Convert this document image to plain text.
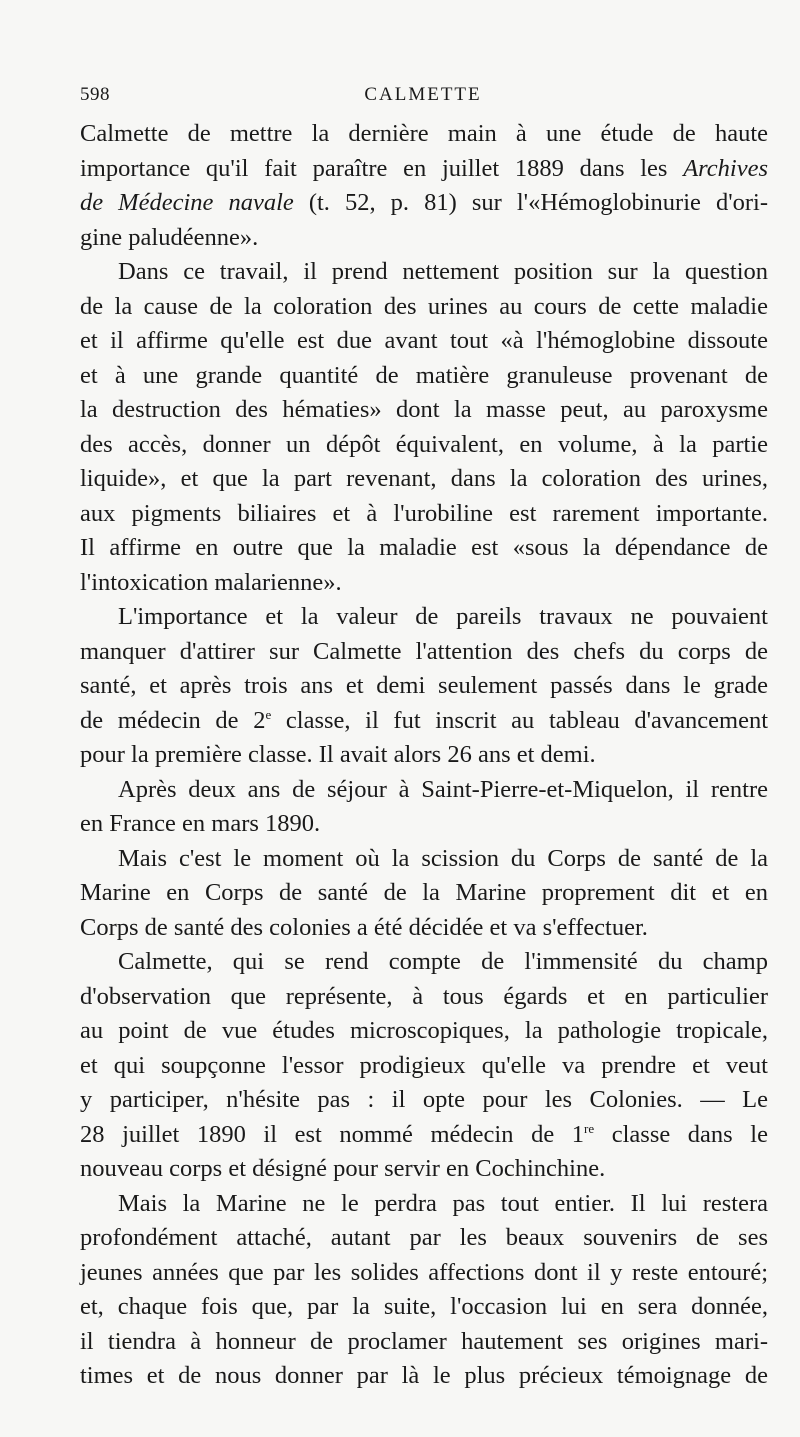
598	CALMETTE

Calmette de mettre la dernière main à une étude de haute
importance qu'il fait paraître en juillet 1889 dans les Archives
de Médecine navale (t. 52, p. 81) sur l'«Hémoglobinurie d'ori-
gine paludéenne».

Dans ce travail, il prend nettement position sur la question
de la cause de la coloration des urines au cours de cette maladie
et il affirme qu'elle est due avant tout «à l'hémoglobine dissoute
et à une grande quantité de matière granuleuse provenant de
la destruction des hématies» dont la masse peut, au paroxysme
des accès, donner un dépôt équivalent, en volume, à la partie
liquide», et que la part revenant, dans la coloration des urines,
aux pigments biliaires et à l'urobiline est rarement importante.
Il affirme en outre que la maladie est «sous la dépendance de
l'intoxication malarienne».

L'importance et la valeur de pareils travaux ne pouvaient
manquer d'attirer sur Calmette l'attention des chefs du corps de
santé, et après trois ans et demi seulement passés dans le grade
de médecin de 2e classe, il fut inscrit au tableau d'avancement
pour la première classe. Il avait alors 26 ans et demi.

Après deux ans de séjour à Saint-Pierre-et-Miquelon, il rentre
en France en mars 1890.

Mais c'est le moment où la scission du Corps de santé de la
Marine en Corps de santé de la Marine proprement dit et en
Corps de santé des colonies a été décidée et va s'effectuer.

Calmette, qui se rend compte de l'immensité du champ
d'observation que représente, à tous égards et en particulier
au point de vue études microscopiques, la pathologie tropicale,
et qui soupçonne l'essor prodigieux qu'elle va prendre et veut
y participer, n'hésite pas : il opte pour les Colonies. — Le
28 juillet 1890 il est nommé médecin de 1re classe dans le
nouveau corps et désigné pour servir en Cochinchine.

Mais la Marine ne le perdra pas tout entier. Il lui restera
profondément attaché, autant par les beaux souvenirs de ses
jeunes années que par les solides affections dont il y reste entouré;
et, chaque fois que, par la suite, l'occasion lui en sera donnée,
il tiendra à honneur de proclamer hautement ses origines mari-
times et de nous donner par là le plus précieux témoignage de
